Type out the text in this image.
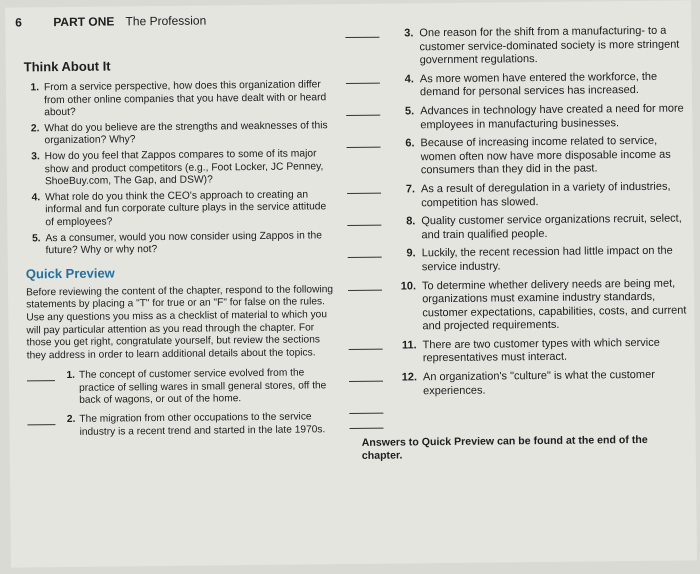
6	PART ONE The Profession
Think About It
1. From a service perspective, how does this organization differ from other online companies that you have dealt with or heard about?
2. What do you believe are the strengths and weaknesses of this organization? Why?
3. How do you feel that Zappos compares to some of its major show and product competitors (e.g., Foot Locker, JC Penney, ShoeBuy.com, The Gap, and DSW)?
4. What role do you think the CEO's approach to creating an informal and fun corporate culture plays in the service attitude of employees?
5. As a consumer, would you now consider using Zappos in the future? Why or why not?
Quick Preview

Before reviewing the content of the chapter, respond to the following statements by placing a "T" for true or an "F" for false on the rules. Use any questions you miss as a checklist of material to which you will pay particular attention as you read through the chapter. For those you get right, congratulate yourself, but review the sections they address in order to learn additional details about the topics.

1. The concept of customer service evolved from the practice of selling wares in small general stores, off the back of wagons, or out of the home.
2. The migration from other occupations to the service industry is a recent trend and started in the late 1970s.
3. One reason for the shift from a manufacturing- to a customer service-dominated society is more stringent government regulations.
4. As more women have entered the workforce, the demand for personal services has increased.
5. Advances in technology have created a need for more employees in manufacturing businesses.
6. Because of increasing income related to service, women often now have more disposable income as consumers than they did in the past.
7. As a result of deregulation in a variety of industries, competition has slowed.
8. Quality customer service organizations recruit, select, and train qualified people.
9. Luckily, the recent recession had little impact on the service industry.
10. To determine whether delivery needs are being met, organizations must examine industry standards, customer expectations, capabilities, costs, and current and projected requirements.
11. There are two customer types with which service representatives must interact.
12. An organization's "culture" is what the customer experiences.
Answers to Quick Preview can be found at the end of the chapter.
